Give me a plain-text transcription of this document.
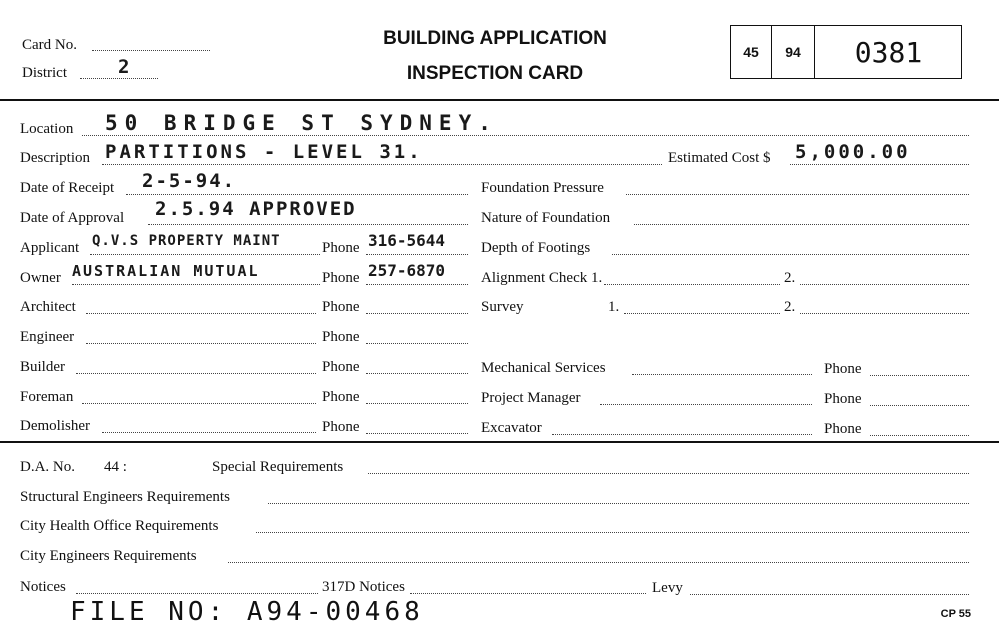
Card No.
District	2
BUILDING APPLICATION
INSPECTION CARD
45	94	0381
Location 50 BRIDGE ST SYDNEY.
Description PARTITIONS - LEVEL 31.	Estimated Cost $ 5,000.00
Date of Receipt 2-5-94.	Foundation Pressure
Date of Approval 2.5.94 APPROVED	Nature of Foundation
Applicant Q.V.S PROPERTY MAINT	Phone 316-5644 Depth of Footings
Owner AUSTRALIAN MUTUAL	Phone 257-6870 Alignment Check 1.	2.
Architect	Phone	Survey	1.	2.
Engineer	Phone
Builder	Phone	Mechanical Services	Phone
Foreman	Phone	Project Manager	Phone
Demolisher	Phone	Excavator	Phone
D.A. No. 44 :	Special Requirements
Structural Engineers Requirements
City Health Office Requirements
City Engineers Requirements
Notices	317D Notices	Levy
FILE NO: A94-00468	CP 55
